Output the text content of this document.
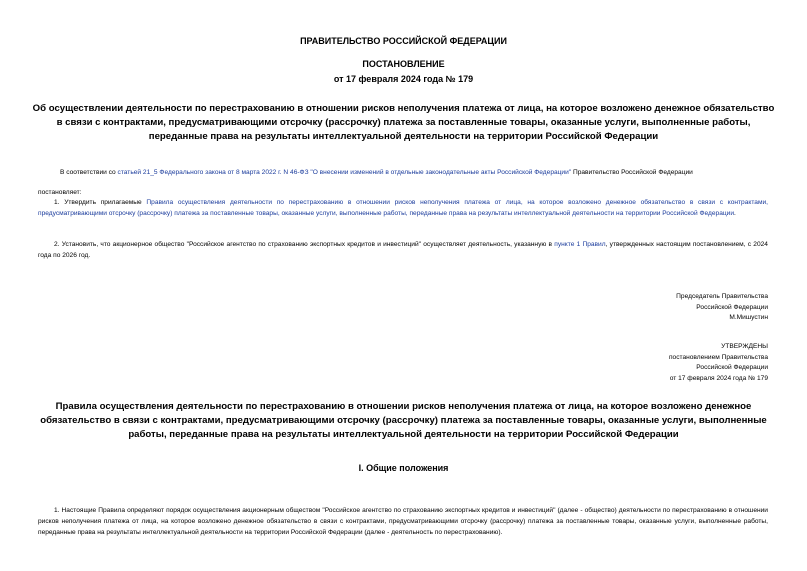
ПРАВИТЕЛЬСТВО РОССИЙСКОЙ ФЕДЕРАЦИИ
ПОСТАНОВЛЕНИЕ
от 17 февраля 2024 года № 179
Об осуществлении деятельности по перестрахованию в отношении рисков неполучения платежа от лица, на которое возложено денежное обязательство в связи с контрактами, предусматривающими отсрочку (рассрочку) платежа за поставленные товары, оказанные услуги, выполненные работы, переданные права на результаты интеллектуальной деятельности на территории Российской Федерации
В соответствии со статьей 21_5 Федерального закона от 8 марта 2022 г. N 46-ФЗ "О внесении изменений в отдельные законодательные акты Российской Федерации" Правительство Российской Федерации
постановляет:
1. Утвердить прилагаемые Правила осуществления деятельности по перестрахованию в отношении рисков неполучения платежа от лица, на которое возложено денежное обязательство в связи с контрактами, предусматривающими отсрочку (рассрочку) платежа за поставленные товары, оказанные услуги, выполненные работы, переданные права на результаты интеллектуальной деятельности на территории Российской Федерации.
2. Установить, что акционерное общество "Российское агентство по страхованию экспортных кредитов и инвестиций" осуществляет деятельность, указанную в пункте 1 Правил, утвержденных настоящим постановлением, с 2024 года по 2026 год.
Председатель Правительства
Российской Федерации
М.Мишустин
УТВЕРЖДЕНЫ
постановлением Правительства
Российской Федерации
от 17 февраля 2024 года № 179
Правила осуществления деятельности по перестрахованию в отношении рисков неполучения платежа от лица, на которое возложено денежное обязательство в связи с контрактами, предусматривающими отсрочку (рассрочку) платежа за поставленные товары, оказанные услуги, выполненные работы, переданные права на результаты интеллектуальной деятельности на территории Российской Федерации
I. Общие положения
1. Настоящие Правила определяют порядок осуществления акционерным обществом "Российское агентство по страхованию экспортных кредитов и инвестиций" (далее - общество) деятельности по перестрахованию в отношении рисков неполучения платежа от лица, на которое возложено денежное обязательство в связи с контрактами, предусматривающими отсрочку (рассрочку) платежа за поставленные товары, оказанные услуги, выполненные работы, переданные права на результаты интеллектуальной деятельности на территории Российской Федерации (далее - деятельность по перестрахованию).
